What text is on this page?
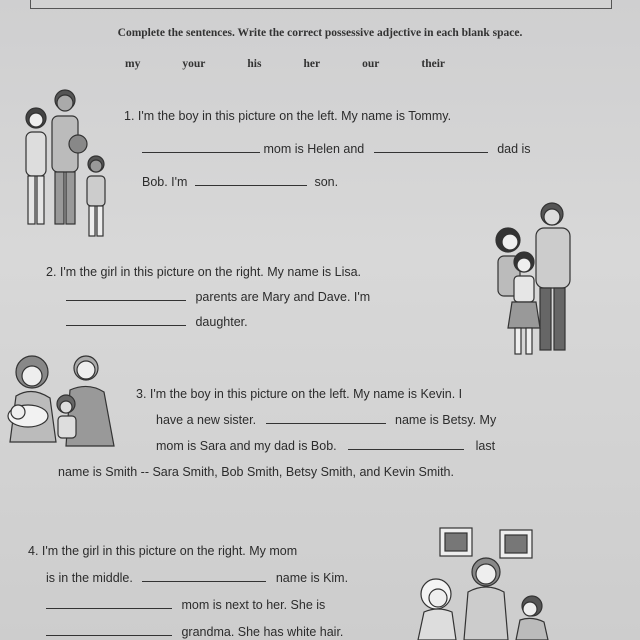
Complete the sentences. Write the correct possessive adjective in each blank space.
my	your	his	her	our	their
1. I'm the boy in this picture on the left. My name is Tommy.
mom is Helen and	dad is
Bob. I'm	son.
2. I'm the girl in this picture on the right. My name is Lisa.
parents are Mary and Dave. I'm
daughter.
3. I'm the boy in this picture on the left. My name is Kevin. I
have a new sister.	name is Betsy. My
mom is Sara and my dad is Bob.	last
name is Smith -- Sara Smith, Bob Smith, Betsy Smith, and Kevin Smith.
4. I'm the girl in this picture on the right. My mom
is in the middle.	name is Kim.
mom is next to her. She is
grandma. She has white hair.
